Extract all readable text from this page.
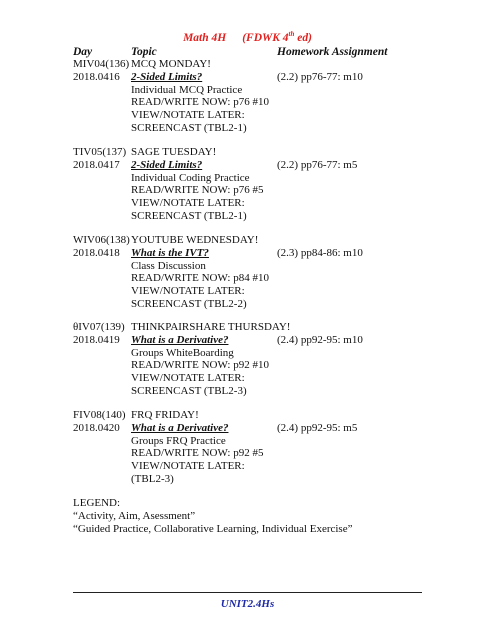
Math 4H (FDWK 4th ed)
Day	Topic	Homework Assignment
MIV04(136) MCQ MONDAY!
2018.0416	2-Sided Limits?	(2.2) pp76-77: m10
Individual MCQ Practice
READ/WRITE NOW: p76 #10
VIEW/NOTATE LATER:
SCREENCAST (TBL2-1)
TIV05(137) SAGE TUESDAY!
2018.0417	2-Sided Limits?	(2.2) pp76-77: m5
Individual Coding Practice
READ/WRITE NOW: p76 #5
VIEW/NOTATE LATER:
SCREENCAST (TBL2-1)
WIV06(138) YOUTUBE WEDNESDAY!
2018.0418	What is the IVT?	(2.3) pp84-86: m10
Class Discussion
READ/WRITE NOW: p84 #10
VIEW/NOTATE LATER:
SCREENCAST (TBL2-2)
θIV07(139) THINKPAIRSHARE THURSDAY!
2018.0419	What is a Derivative?	(2.4) pp92-95: m10
Groups WhiteBoarding
READ/WRITE NOW: p92 #10
VIEW/NOTATE LATER:
SCREENCAST (TBL2-3)
FIV08(140) FRQ FRIDAY!
2018.0420	What is a Derivative?	(2.4) pp92-95: m5
Groups FRQ Practice
READ/WRITE NOW: p92 #5
VIEW/NOTATE LATER:
(TBL2-3)
LEGEND:
“Activity, Aim, Asessment”
“Guided Practice, Collaborative Learning, Individual Exercise”
UNIT2.4Hs
